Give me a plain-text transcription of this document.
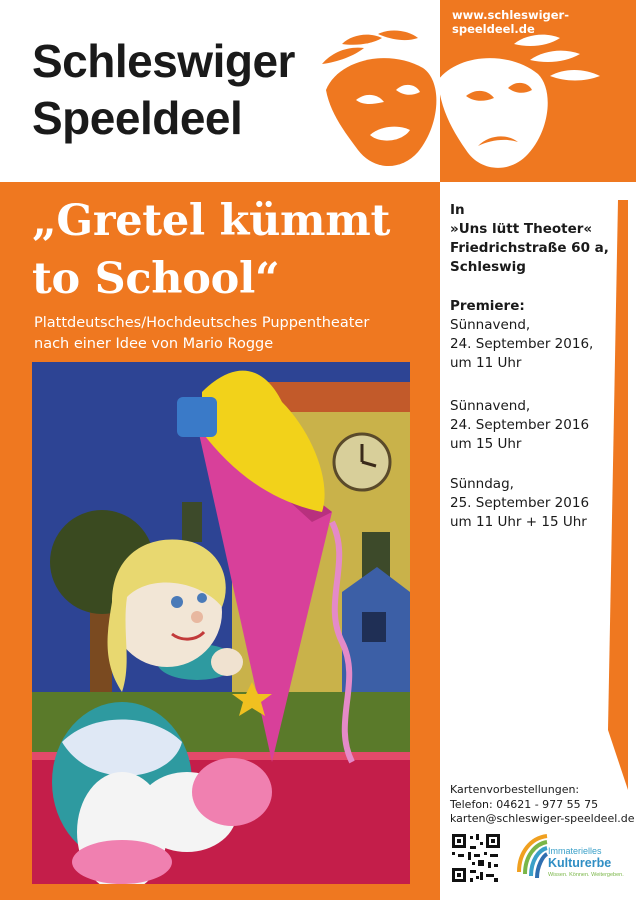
Schleswiger
Speeldeel
www.schleswiger-speeldeel.de
„Gretel kümmt
to School“
Plattdeutsches/Hochdeutsches Puppentheater
nach einer Idee von Mario Rogge
In
»Uns lütt Theoter«
Friedrichstraße 60 a,
Schleswig
Premiere:
Sünnavend,
24. September 2016,
um 11 Uhr
Sünnavend,
24. September 2016
um 15 Uhr
Sünndag,
25. September 2016
um 11 Uhr + 15 Uhr
Kartenvorbestellungen:
Telefon: 04621 - 977 55 75
karten@schleswiger-speeldeel.de
Immaterielles
Kulturerbe
Wissen. Können. Weitergeben.
